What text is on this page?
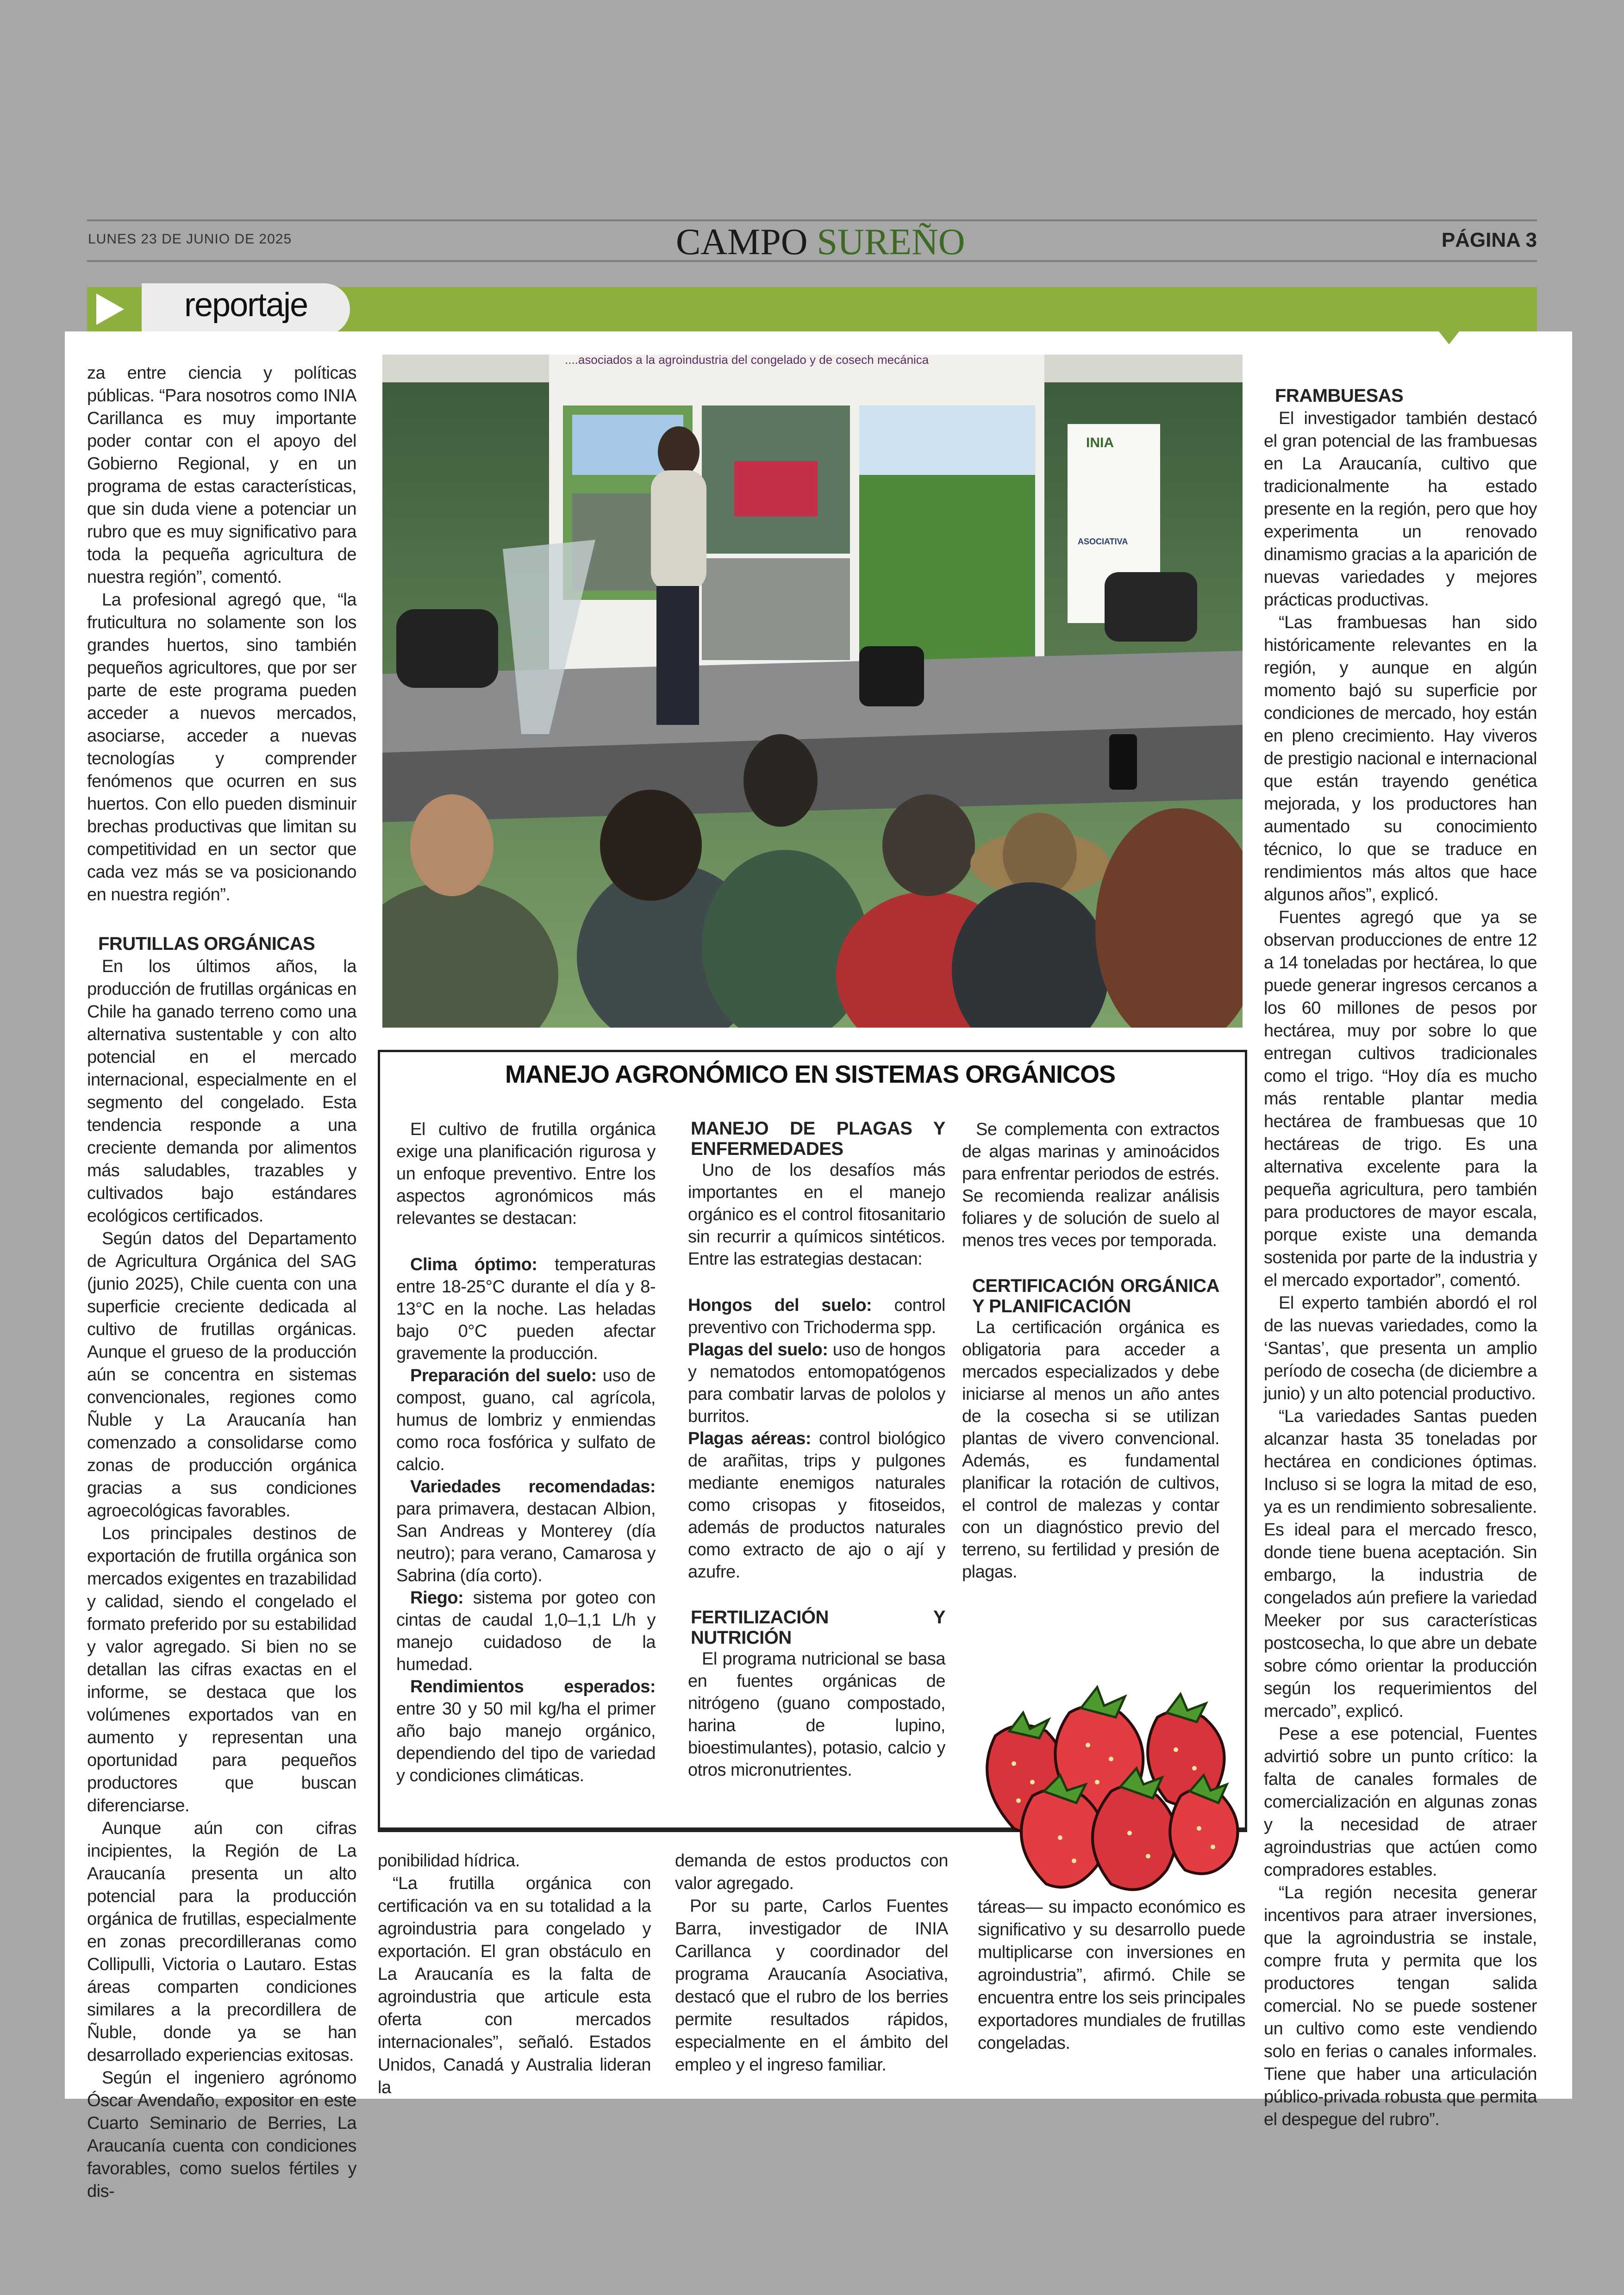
LUNES 23 DE JUNIO DE 2025	CAMPO SUREÑO	PÁGINA 3
reportaje

za entre ciencia y políticas públicas. “Para nosotros como INIA Carillanca es muy importante poder contar con el apoyo del Gobierno Regional, y en un programa de estas características, que sin duda viene a potenciar un rubro que es muy significativo para toda la pequeña agricultura de nuestra región”, comentó.

La profesional agregó que, “la fruticultura no solamente son los grandes huertos, sino también pequeños agricultores, que por ser parte de este programa pueden acceder a nuevos mercados, asociarse, acceder a nuevas tecnologías y comprender fenómenos que ocurren en sus huertos. Con ello pueden disminuir brechas productivas que limitan su competitividad en un sector que cada vez más se va posicionando en nuestra región”.

FRUTILLAS ORGÁNICAS

En los últimos años, la producción de frutillas orgánicas en Chile ha ganado terreno como una alternativa sustentable y con alto potencial en el mercado internacional, especialmente en el segmento del congelado. Esta tendencia responde a una creciente demanda por alimentos más saludables, trazables y cultivados bajo estándares ecológicos certificados.

Según datos del Departamento de Agricultura Orgánica del SAG (junio 2025), Chile cuenta con una superficie creciente dedicada al cultivo de frutillas orgánicas. Aunque el grueso de la producción aún se concentra en sistemas convencionales, regiones como Ñuble y La Araucanía han comenzado a consolidarse como zonas de producción orgánica gracias a sus condiciones agroecológicas favorables.

Los principales destinos de exportación de frutilla orgánica son mercados exigentes en trazabilidad y calidad, siendo el congelado el formato preferido por su estabilidad y valor agregado. Si bien no se detallan las cifras exactas en el informe, se destaca que los volúmenes exportados van en aumento y representan una oportunidad para pequeños productores que buscan diferenciarse.

Aunque aún con cifras incipientes, la Región de La Araucanía presenta un alto potencial para la producción orgánica de frutillas, especialmente en zonas precordilleranas como Collipulli, Victoria o Lautaro. Estas áreas comparten condiciones similares a la precordillera de Ñuble, donde ya se han desarrollado experiencias exitosas.

Según el ingeniero agrónomo Óscar Avendaño, expositor en este Cuarto Seminario de Berries, La Araucanía cuenta con condiciones favorables, como suelos fértiles y dis-

....asociados a la agroindustria del congelado y de cosech mecánica
INIA
ASOCIATIVA
MANEJO AGRONÓMICO EN SISTEMAS ORGÁNICOS

El cultivo de frutilla orgánica exige una planificación rigurosa y un enfoque preventivo. Entre los aspectos agronómicos más relevantes se destacan:

Clima óptimo: temperaturas entre 18-25°C durante el día y 8-13°C en la noche. Las heladas bajo 0°C pueden afectar gravemente la producción.

Preparación del suelo: uso de compost, guano, cal agrícola, humus de lombriz y enmiendas como roca fosfórica y sulfato de calcio.

Variedades recomendadas: para primavera, destacan Albion, San Andreas y Monterey (día neutro); para verano, Camarosa y Sabrina (día corto).

Riego: sistema por goteo con cintas de caudal 1,0–1,1 L/h y manejo cuidadoso de la humedad.

Rendimientos esperados: entre 30 y 50 mil kg/ha el primer año bajo manejo orgánico, dependiendo del tipo de variedad y condiciones climáticas.

MANEJO DE PLAGAS Y ENFERMEDADES

Uno de los desafíos más importantes en el manejo orgánico es el control fitosanitario sin recurrir a químicos sintéticos. Entre las estrategias destacan:

Hongos del suelo: control preventivo con Trichoderma spp.

Plagas del suelo: uso de hongos y nematodos entomopatógenos para combatir larvas de pololos y burritos.

Plagas aéreas: control biológico de arañitas, trips y pulgones mediante enemigos naturales como crisopas y fitoseidos, además de productos naturales como extracto de ajo o ají y azufre.

FERTILIZACIÓN Y NUTRICIÓN

El programa nutricional se basa en fuentes orgánicas de nitrógeno (guano compostado, harina de lupino, bioestimulantes), potasio, calcio y otros micronutrientes.

Se complementa con extractos de algas marinas y aminoácidos para enfrentar periodos de estrés. Se recomienda realizar análisis foliares y de solución de suelo al menos tres veces por temporada.

CERTIFICACIÓN ORGÁNICA Y PLANIFICACIÓN

La certificación orgánica es obligatoria para acceder a mercados especializados y debe iniciarse al menos un año antes de la cosecha si se utilizan plantas de vivero convencional. Además, es fundamental planificar la rotación de cultivos, el control de malezas y contar con un diagnóstico previo del terreno, su fertilidad y presión de plagas.

ponibilidad hídrica.

“La frutilla orgánica con certificación va en su totalidad a la agroindustria para congelado y exportación. El gran obstáculo en La Araucanía es la falta de agroindustria que articule esta oferta con mercados internacionales”, señaló. Estados Unidos, Canadá y Australia lideran la

demanda de estos productos con valor agregado.

Por su parte, Carlos Fuentes Barra, investigador de INIA Carillanca y coordinador del programa Araucanía Asociativa, destacó que el rubro de los berries permite resultados rápidos, especialmente en el ámbito del empleo y el ingreso familiar.

táreas— su impacto económico es significativo y su desarrollo puede multiplicarse con inversiones en agroindustria”, afirmó. Chile se encuentra entre los seis principales exportadores mundiales de frutillas congeladas.

FRAMBUESAS

El investigador también destacó el gran potencial de las frambuesas en La Araucanía, cultivo que tradicionalmente ha estado presente en la región, pero que hoy experimenta un renovado dinamismo gracias a la aparición de nuevas variedades y mejores prácticas productivas.

“Las frambuesas han sido históricamente relevantes en la región, y aunque en algún momento bajó su superficie por condiciones de mercado, hoy están en pleno crecimiento. Hay viveros de prestigio nacional e internacional que están trayendo genética mejorada, y los productores han aumentado su conocimiento técnico, lo que se traduce en rendimientos más altos que hace algunos años”, explicó.

Fuentes agregó que ya se observan producciones de entre 12 a 14 toneladas por hectárea, lo que puede generar ingresos cercanos a los 60 millones de pesos por hectárea, muy por sobre lo que entregan cultivos tradicionales como el trigo. “Hoy día es mucho más rentable plantar media hectárea de frambuesas que 10 hectáreas de trigo. Es una alternativa excelente para la pequeña agricultura, pero también para productores de mayor escala, porque existe una demanda sostenida por parte de la industria y el mercado exportador”, comentó.

El experto también abordó el rol de las nuevas variedades, como la ‘Santas’, que presenta un amplio período de cosecha (de diciembre a junio) y un alto potencial productivo.

“La variedades Santas pueden alcanzar hasta 35 toneladas por hectárea en condiciones óptimas. Incluso si se logra la mitad de eso, ya es un rendimiento sobresaliente. Es ideal para el mercado fresco, donde tiene buena aceptación. Sin embargo, la industria de congelados aún prefiere la variedad Meeker por sus características postcosecha, lo que abre un debate sobre cómo orientar la producción según los requerimientos del mercado”, explicó.

Pese a ese potencial, Fuentes advirtió sobre un punto crítico: la falta de canales formales de comercialización en algunas zonas y la necesidad de atraer agroindustrias que actúen como compradores estables.

“La región necesita generar incentivos para atraer inversiones, que la agroindustria se instale, compre fruta y permita que los productores tengan salida comercial. No se puede sostener un cultivo como este vendiendo solo en ferias o canales informales. Tiene que haber una articulación público-privada robusta que permita el despegue del rubro”.
